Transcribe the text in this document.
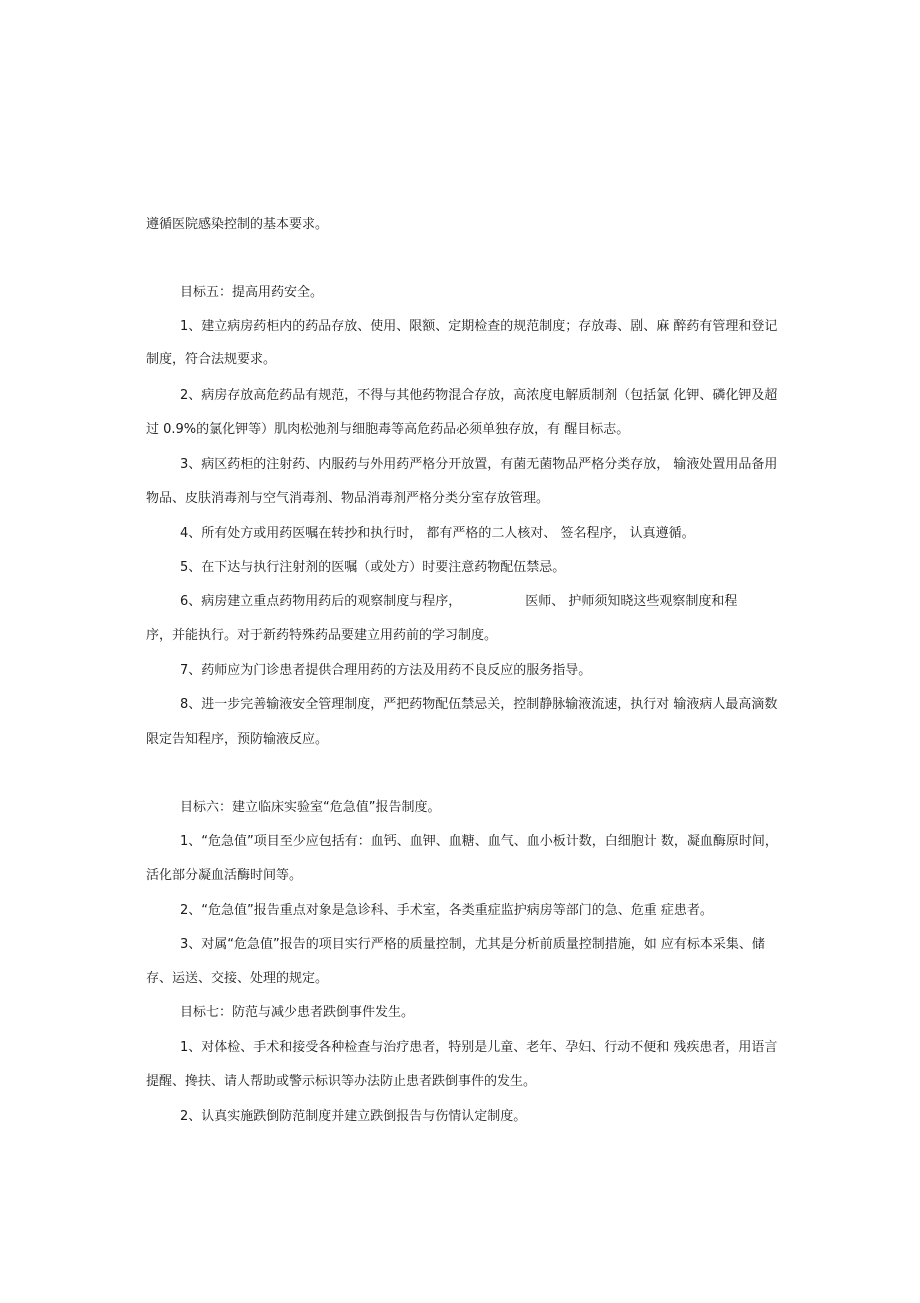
遵循医院感染控制的基本要求。
目标五：提高用药安全。
1、建立病房药柜内的药品存放、使用、限额、定期检查的规范制度；存放毒、剧、麻 醉药有管理和登记
制度，符合法规要求。
2、病房存放高危药品有规范，不得与其他药物混合存放，高浓度电解质制剂（包括氯 化钾、磷化钾及超
过 0.9%的氯化钾等）肌肉松弛剂与细胞毒等高危药品必须单独存放，有 醒目标志。
3、病区药柜的注射药、内服药与外用药严格分开放置，有菌无菌物品严格分类存放， 输液处置用品备用
物品、皮肤消毒剂与空气消毒剂、物品消毒剂严格分类分室存放管理。
4、所有处方或用药医嘱在转抄和执行时， 都有严格的二人核对、 签名程序， 认真遵循。
5、在下达与执行注射剂的医嘱（或处方）时要注意药物配伍禁忌。
6、病房建立重点药物用药后的观察制度与程序，	医师、 护师须知晓这些观察制度和程
序，并能执行。对于新药特殊药品要建立用药前的学习制度。
7、药师应为门诊患者提供合理用药的方法及用药不良反应的服务指导。
8、进一步完善输液安全管理制度，严把药物配伍禁忌关，控制静脉输液流速，执行对 输液病人最高滴数
限定告知程序，预防输液反应。
目标六：建立临床实验室“危急值”报告制度。
1、“危急值”项目至少应包括有：血钙、血钾、血糖、血气、血小板计数，白细胞计 数，凝血酶原时间，
活化部分凝血活酶时间等。
2、“危急值”报告重点对象是急诊科、手术室，各类重症监护病房等部门的急、危重 症患者。
3、对属“危急值”报告的项目实行严格的质量控制，尤其是分析前质量控制措施，如 应有标本采集、储
存、运送、交接、处理的规定。
目标七：防范与减少患者跌倒事件发生。
1、对体检、手术和接受各种检查与治疗患者，特别是儿童、老年、孕妇、行动不便和 残疾患者，用语言
提醒、搀扶、请人帮助或警示标识等办法防止患者跌倒事件的发生。
2、认真实施跌倒防范制度并建立跌倒报告与伤情认定制度。
